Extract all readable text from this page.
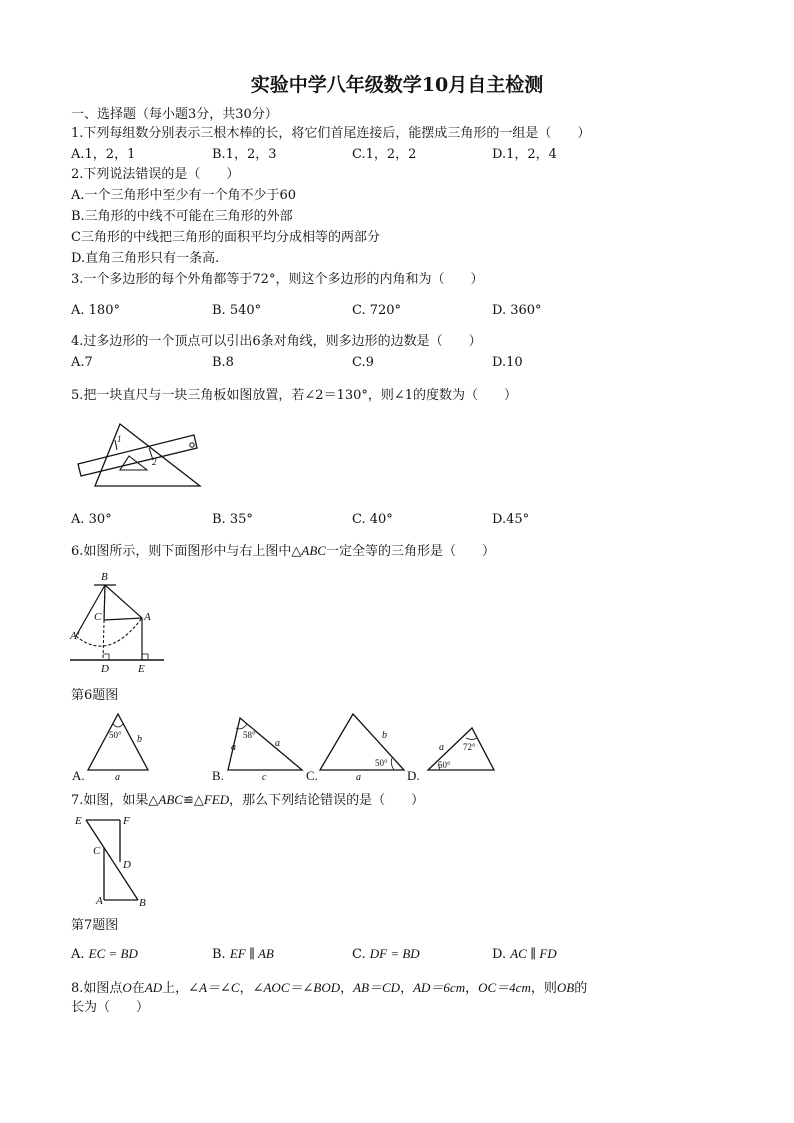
实验中学八年级数学10月自主检测
一、选择题（每小题3分，共30分）
1.下列每组数分别表示三根木棒的长，将它们首尾连接后，能摆成三角形的一组是（　　）
A.1，2，1	B.1，2，3	C.1，2，2	D.1，2，4
2.下列说法错误的是（　　）
A.一个三角形中至少有一个角不少于60
B.三角形的中线不可能在三角形的外部
C三角形的中线把三角形的面积平均分成相等的两部分
D.直角三角形只有一条高.
3.一个多边形的每个外角都等于72°，则这个多边形的内角和为（　　）
A. 180°	B. 540°	C. 720°	D. 360°
4.过多边形的一个顶点可以引出6条对角线，则多边形的边数是（　　）
A.7	B.8	C.9	D.10
5.把一块直尺与一块三角板如图放置，若∠2＝130°，则∠1的度数为（　　）
1
2
A. 30°	B. 35°	C. 40°	D.45°
6.如图所示，则下面图形中与右上图中△ABC一定全等的三角形是（　　）
B
C	A
A'
D	E
第6题图
A.
50° b
a	B.
58°
a	a
c	C.
50°
b
a	D.
72°
50°
a
7.如图，如果△ABC≌△FED，那么下列结论错误的是（　　）
E	F
C
D
A	B
第7题图
A. EC = BD	B. EF ∥ AB	C. DF = BD	D. AC ∥ FD
8.如图点O在AD上，∠A＝∠C，∠AOC＝∠BOD，AB＝CD，AD＝6cm，OC＝4cm，则OB的
长为（　　）
